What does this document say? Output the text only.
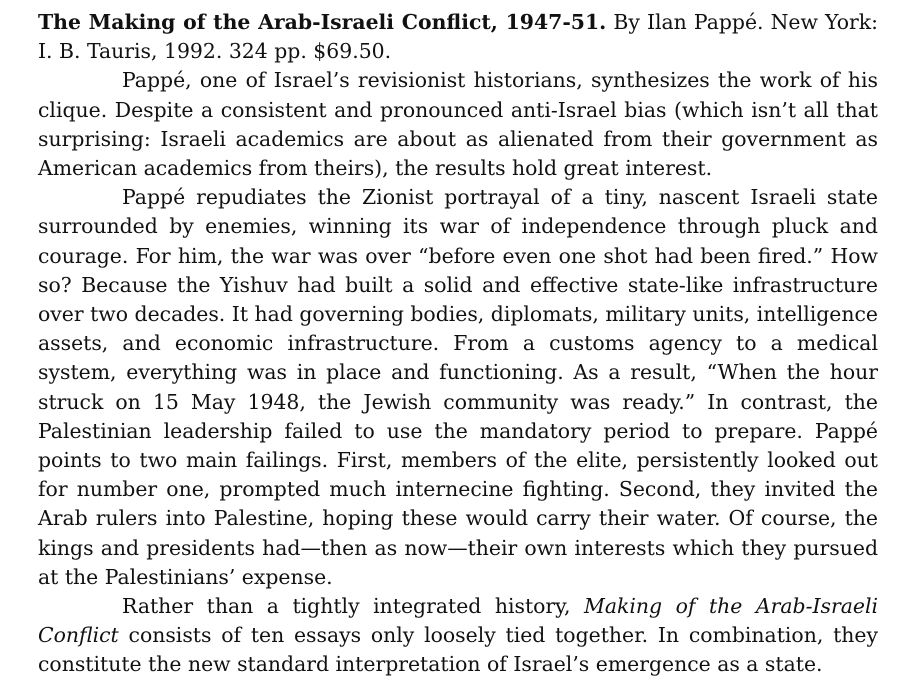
The Making of the Arab-Israeli Conflict, 1947-51. By Ilan Pappé. New York: I. B. Tauris, 1992. 324 pp. $69.50.

Pappé, one of Israel’s revisionist historians, synthesizes the work of his clique. Despite a consistent and pronounced anti-Israel bias (which isn’t all that surprising: Israeli academics are about as alienated from their government as American academics from theirs), the results hold great interest.

Pappé repudiates the Zionist portrayal of a tiny, nascent Israeli state surrounded by enemies, winning its war of independence through pluck and courage. For him, the war was over “before even one shot had been fired.” How so? Because the Yishuv had built a solid and effective state-like infrastructure over two decades. It had governing bodies, diplomats, military units, intelligence assets, and economic infrastructure. From a customs agency to a medical system, everything was in place and functioning. As a result, “When the hour struck on 15 May 1948, the Jewish community was ready.” In contrast, the Palestinian leadership failed to use the mandatory period to prepare. Pappé points to two main failings. First, members of the elite, persistently looked out for number one, prompted much internecine fighting. Second, they invited the Arab rulers into Palestine, hoping these would carry their water. Of course, the kings and presidents had—then as now—their own interests which they pursued at the Palestinians’ expense.

Rather than a tightly integrated history, Making of the Arab-Israeli Conflict consists of ten essays only loosely tied together. In combination, they constitute the new standard interpretation of Israel’s emergence as a state.
